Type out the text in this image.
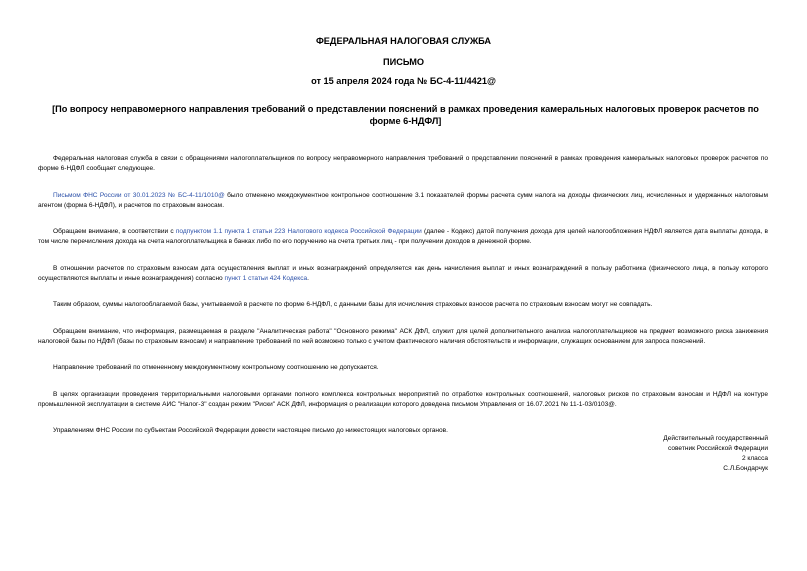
ФЕДЕРАЛЬНАЯ НАЛОГОВАЯ СЛУЖБА
ПИСЬМО
от 15 апреля 2024 года № БС-4-11/4421@
[По вопросу неправомерного направления требований о представлении пояснений в рамках проведения камеральных налоговых проверок расчетов по форме 6-НДФЛ]

Федеральная налоговая служба в связи с обращениями налогоплательщиков по вопросу неправомерного направления требований о представлении пояснений в рамках проведения камеральных налоговых проверок расчетов по форме 6-НДФЛ сообщает следующее.

Письмом ФНС России от 30.01.2023 № БС-4-11/1010@ было отменено междокументное контрольное соотношение 3.1 показателей формы расчета сумм налога на доходы физических лиц, исчисленных и удержанных налоговым агентом (форма 6-НДФЛ), и расчетов по страховым взносам.

Обращаем внимание, в соответствии с подпунктом 1.1 пункта 1 статьи 223 Налогового кодекса Российской Федерации (далее - Кодекс) датой получения дохода для целей налогообложения НДФЛ является дата выплаты дохода, в том числе перечисления дохода на счета налогоплательщика в банках либо по его поручению на счета третьих лиц - при получении доходов в денежной форме.

В отношении расчетов по страховым взносам дата осуществления выплат и иных вознаграждений определяется как день начисления выплат и иных вознаграждений в пользу работника (физического лица, в пользу которого осуществляются выплаты и иные вознаграждения) согласно пункт 1 статьи 424 Кодекса.

Таким образом, суммы налогооблагаемой базы, учитываемой в расчете по форме 6-НДФЛ, с данными базы для исчисления страховых взносов расчета по страховым взносам могут не совпадать.

Обращаем внимание, что информация, размещаемая в разделе "Аналитическая работа" "Основного режима" АСК ДФЛ, служит для целей дополнительного анализа налогоплательщиков на предмет возможного риска занижения налоговой базы по НДФЛ (базы по страховым взносам) и направление требований по ней возможно только с учетом фактического наличия обстоятельств и информации, служащих основанием для запроса пояснений.

Направление требований по отмененному междокументному контрольному соотношению не допускается.

В целях организации проведения территориальными налоговыми органами полного комплекса контрольных мероприятий по отработке контрольных соотношений, налоговых рисков по страховым взносам и НДФЛ на контуре промышленной эксплуатации в системе АИС "Налог-3" создан режим "Риски" АСК ДФЛ, информация о реализации которого доведена письмом Управления от 16.07.2021 № 11-1-03/0103@.

Управлениям ФНС России по субъектам Российской Федерации довести настоящее письмо до нижестоящих налоговых органов.

Действительный государственный
советник Российской Федерации
2 класса
С.Л.Бондарчук
